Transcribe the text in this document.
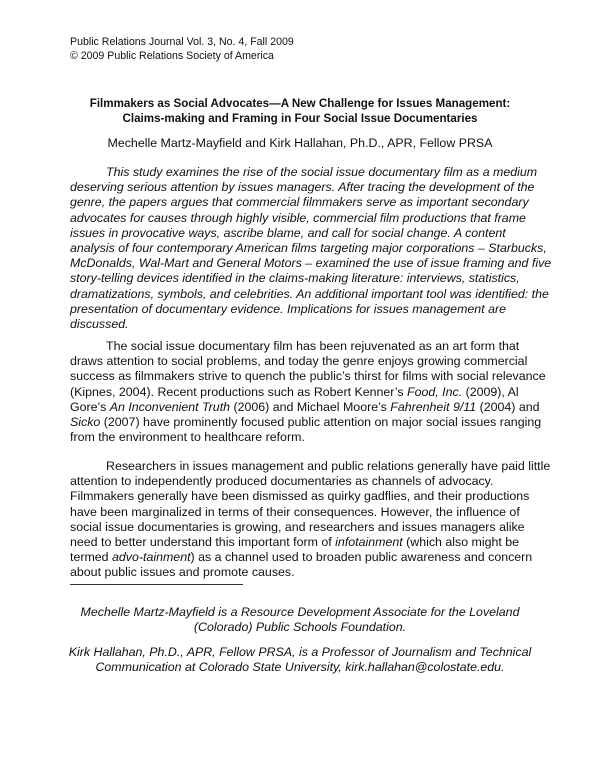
Public Relations Journal Vol. 3, No. 4, Fall 2009
© 2009 Public Relations Society of America
Filmmakers as Social Advocates—A New Challenge for Issues Management:
Claims-making and Framing in Four Social Issue Documentaries
Mechelle Martz-Mayfield and Kirk Hallahan, Ph.D., APR, Fellow PRSA
This study examines the rise of the social issue documentary film as a medium
deserving serious attention by issues managers. After tracing the development of the
genre, the papers argues that commercial filmmakers serve as important secondary
advocates for causes through highly visible, commercial film productions that frame
issues in provocative ways, ascribe blame, and call for social change. A content
analysis of four contemporary American films targeting major corporations – Starbucks,
McDonalds, Wal-Mart and General Motors – examined the use of issue framing and five
story-telling devices identified in the claims-making literature: interviews, statistics,
dramatizations, symbols, and celebrities. An additional important tool was identified: the
presentation of documentary evidence. Implications for issues management are
discussed.
The social issue documentary film has been rejuvenated as an art form that
draws attention to social problems, and today the genre enjoys growing commercial
success as filmmakers strive to quench the public’s thirst for films with social relevance
(Kipnes, 2004). Recent productions such as Robert Kenner’s Food, Inc. (2009), Al
Gore’s An Inconvenient Truth (2006) and Michael Moore’s Fahrenheit 9/11 (2004) and
Sicko (2007) have prominently focused public attention on major social issues ranging
from the environment to healthcare reform.
Researchers in issues management and public relations generally have paid little
attention to independently produced documentaries as channels of advocacy.
Filmmakers generally have been dismissed as quirky gadflies, and their productions
have been marginalized in terms of their consequences. However, the influence of
social issue documentaries is growing, and researchers and issues managers alike
need to better understand this important form of infotainment (which also might be
termed advo-tainment) as a channel used to broaden public awareness and concern
about public issues and promote causes.
Mechelle Martz-Mayfield is a Resource Development Associate for the Loveland
(Colorado) Public Schools Foundation.
Kirk Hallahan, Ph.D., APR, Fellow PRSA, is a Professor of Journalism and Technical
Communication at Colorado State University, kirk.hallahan@colostate.edu.
